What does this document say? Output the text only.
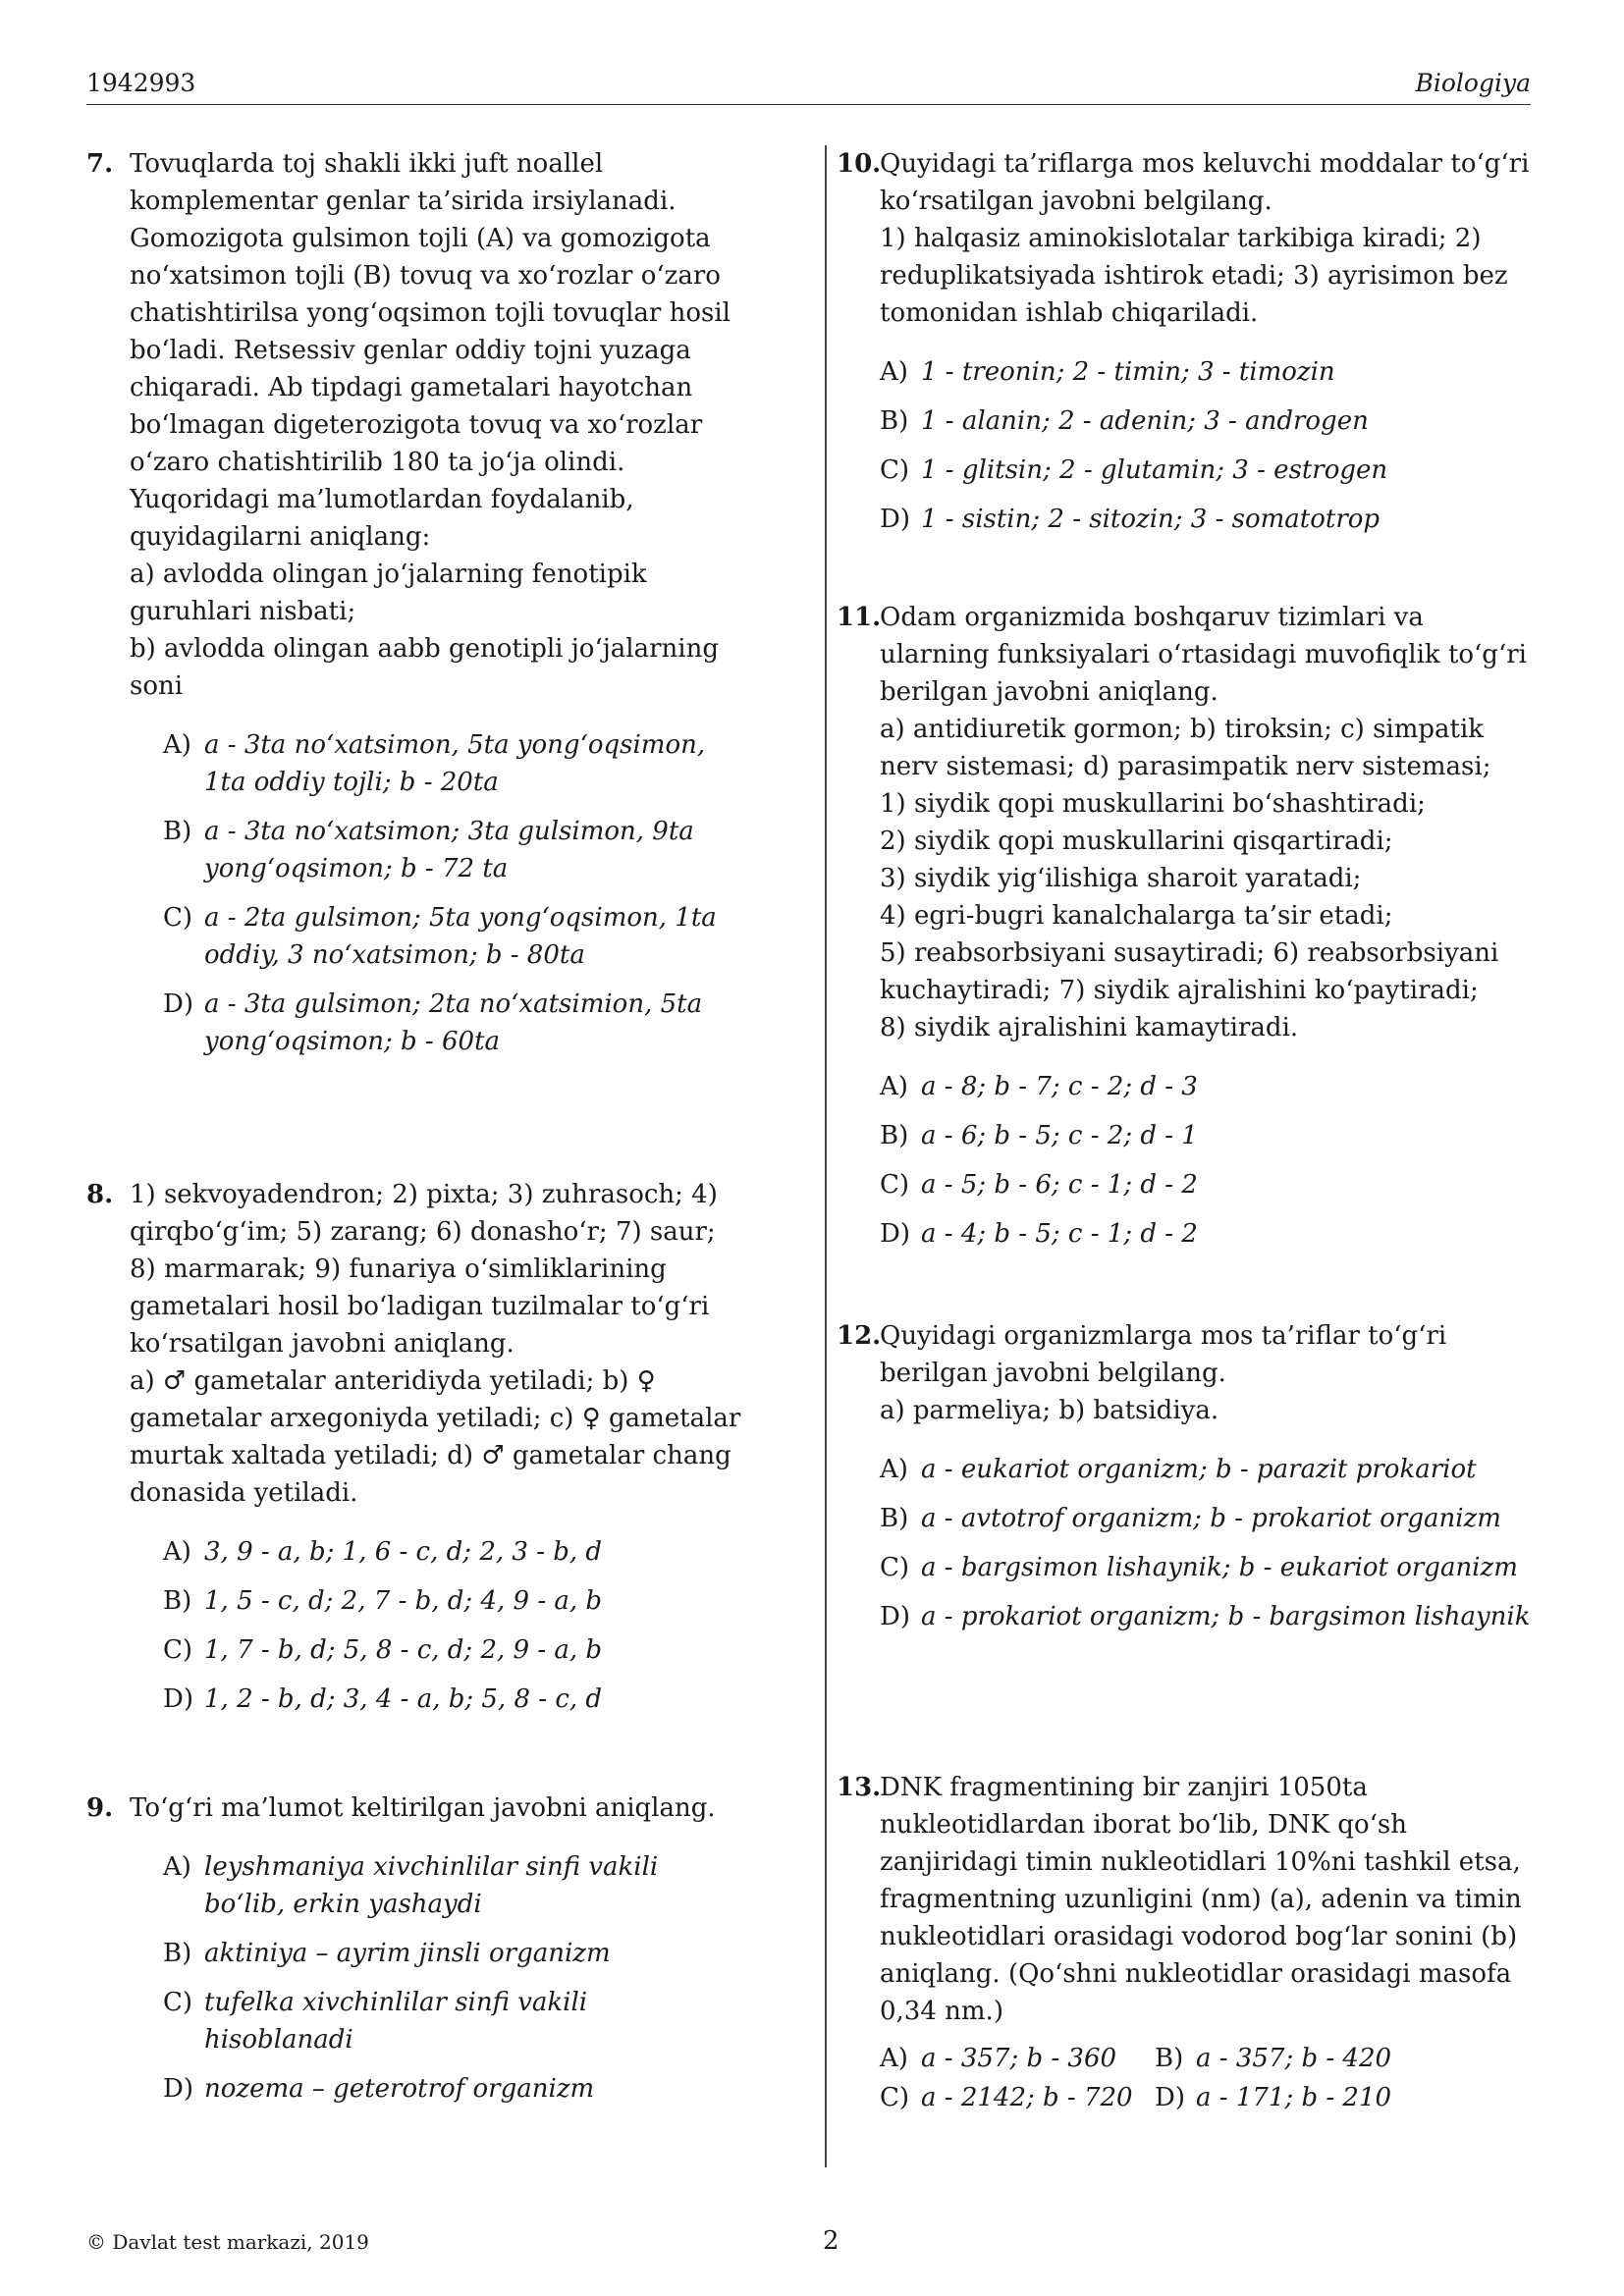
1942993	Biologiya
7. Tovuqlarda toj shakli ikki juft noallel komplementar genlar ta’sirida irsiylanadi. Gomozigota gulsimon tojli (A) va gomozigota no‘xatsimon tojli (B) tovuq va xo‘rozlar o‘zaro chatishtirilsa yong‘oqsimon tojli tovuqlar hosil bo‘ladi. Retsessiv genlar oddiy tojni yuzaga chiqaradi. Ab tipdagi gametalari hayotchan bo‘lmagan digeterozigota tovuq va xo‘rozlar o‘zaro chatishtirilib 180 ta jo‘ja olindi. Yuqoridagi ma’lumotlardan foydalanib, quyidagilarni aniqlang:

a) avlodda olingan jo‘jalarning fenotipik guruhlari nisbati;

b) avlodda olingan aabb genotipli jo‘jalarning soni

A) a - 3ta no‘xatsimon, 5ta yong‘oqsimon, 1ta oddiy tojli; b - 20ta
B) a - 3ta no‘xatsimon; 3ta gulsimon, 9ta yong‘oqsimon; b - 72 ta
C) a - 2ta gulsimon; 5ta yong‘oqsimon, 1ta oddiy, 3 no‘xatsimon; b - 80ta
D) a - 3ta gulsimon; 2ta no‘xatsimion, 5ta yong‘oqsimon; b - 60ta
8. 1) sekvoyadendron; 2) pixta; 3) zuhrasoch; 4) qirqbo‘g‘im; 5) zarang; 6) donasho‘r; 7) saur; 8) marmarak; 9) funariya o‘simliklarining gametalari hosil bo‘ladigan tuzilmalar to‘g‘ri ko‘rsatilgan javobni aniqlang.

a) ♂ gametalar anteridiyda yetiladi; b) ♀ gametalar arxegoniyda yetiladi; c) ♀ gametalar murtak xaltada yetiladi; d) ♂ gametalar chang donasida yetiladi.

A) 3, 9 - a, b; 1, 6 - c, d; 2, 3 - b, d
B) 1, 5 - c, d; 2, 7 - b, d; 4, 9 - a, b
C) 1, 7 - b, d; 5, 8 - c, d; 2, 9 - a, b
D) 1, 2 - b, d; 3, 4 - a, b; 5, 8 - c, d
9. To‘g‘ri ma’lumot keltirilgan javobni aniqlang.

A) leyshmaniya xivchinlilar sinfi vakili bo‘lib, erkin yashaydi
B) aktiniya – ayrim jinsli organizm
C) tufelka xivchinlilar sinfi vakili hisoblanadi
D) nozema – geterotrof organizm
10.

Quyidagi ta’riflarga mos keluvchi moddalar to‘g‘ri ko‘rsatilgan javobni belgilang.

1) halqasiz aminokislotalar tarkibiga kiradi; 2) reduplikatsiyada ishtirok etadi; 3) ayrisimon bez tomonidan ishlab chiqariladi.

A) 1 - treonin; 2 - timin; 3 - timozin
B) 1 - alanin; 2 - adenin; 3 - androgen
C) 1 - glitsin; 2 - glutamin; 3 - estrogen
D) 1 - sistin; 2 - sitozin; 3 - somatotrop
11.

Odam organizmida boshqaruv tizimlari va ularning funksiyalari o‘rtasidagi muvofiqlik to‘g‘ri berilgan javobni aniqlang.

a) antidiuretik gormon; b) tiroksin; c) simpatik nerv sistemasi; d) parasimpatik nerv sistemasi;

1) siydik qopi muskullarini bo‘shashtiradi;

2) siydik qopi muskullarini qisqartiradi;

3) siydik yig‘ilishiga sharoit yaratadi;

4) egri-bugri kanalchalarga ta’sir etadi;

5) reabsorbsiyani susaytiradi; 6) reabsorbsiyani kuchaytiradi; 7) siydik ajralishini ko‘paytiradi;

8) siydik ajralishini kamaytiradi.

A) a - 8; b - 7; c - 2; d - 3
B) a - 6; b - 5; c - 2; d - 1
C) a - 5; b - 6; c - 1; d - 2
D) a - 4; b - 5; c - 1; d - 2
12.

Quyidagi organizmlarga mos ta’riflar to‘g‘ri berilgan javobni belgilang.

a) parmeliya; b) batsidiya.

A) a - eukariot organizm; b - parazit prokariot
B) a - avtotrof organizm; b - prokariot organizm
C) a - bargsimon lishaynik; b - eukariot organizm
D) a - prokariot organizm; b - bargsimon lishaynik
13.

DNK fragmentining bir zanjiri 1050ta nukleotidlardan iborat bo‘lib, DNK qo‘sh zanjiridagi timin nukleotidlari 10%ni tashkil etsa, fragmentning uzunligini (nm) (a), adenin va timin nukleotidlari orasidagi vodorod bog‘lar sonini (b) aniqlang. (Qo‘shni nukleotidlar orasidagi masofa 0,34 nm.)

A) a - 357; b - 360	B) a - 357; b - 420
C) a - 2142; b - 720 D) a - 171; b - 210
© Davlat test markazi, 2019	2
